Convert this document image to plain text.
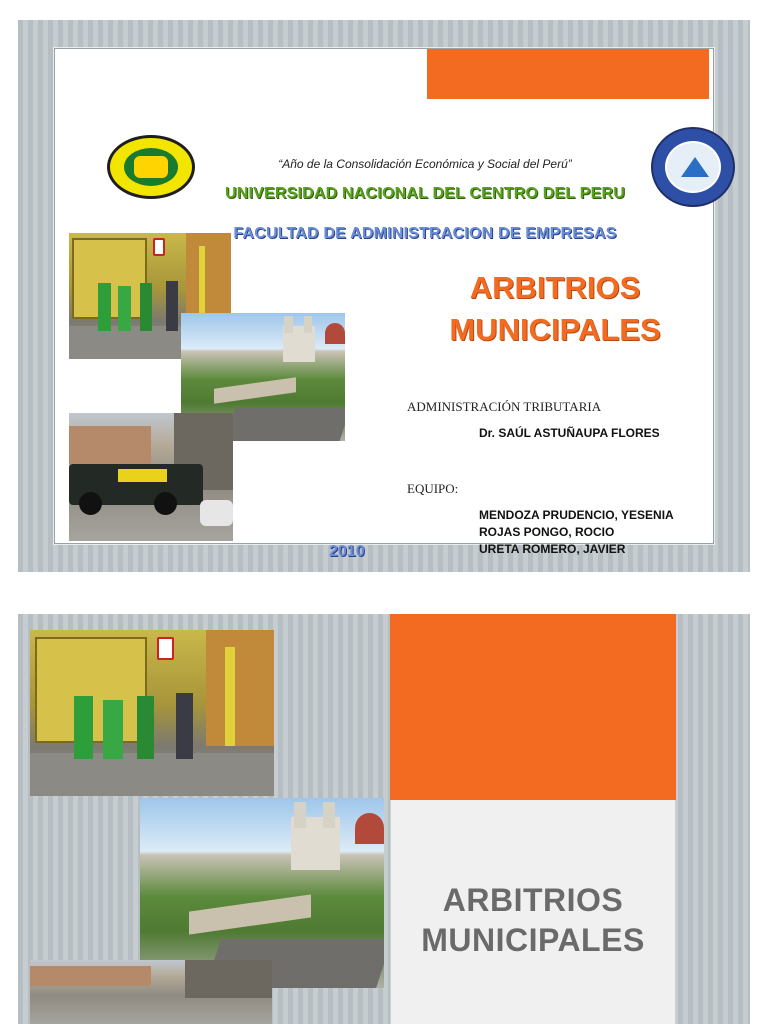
“Año de la Consolidación Económica y Social del Perú”
UNIVERSIDAD NACIONAL DEL CENTRO DEL PERU
FACULTAD DE ADMINISTRACION DE EMPRESAS
ARBITRIOS
MUNICIPALES
ADMINISTRACIÓN TRIBUTARIA
Dr. SAÚL ASTUÑAUPA FLORES
EQUIPO:
MENDOZA PRUDENCIO, YESENIA
ROJAS PONGO, ROCIO
URETA ROMERO, JAVIER
2010
ARBITRIOS
MUNICIPALES
